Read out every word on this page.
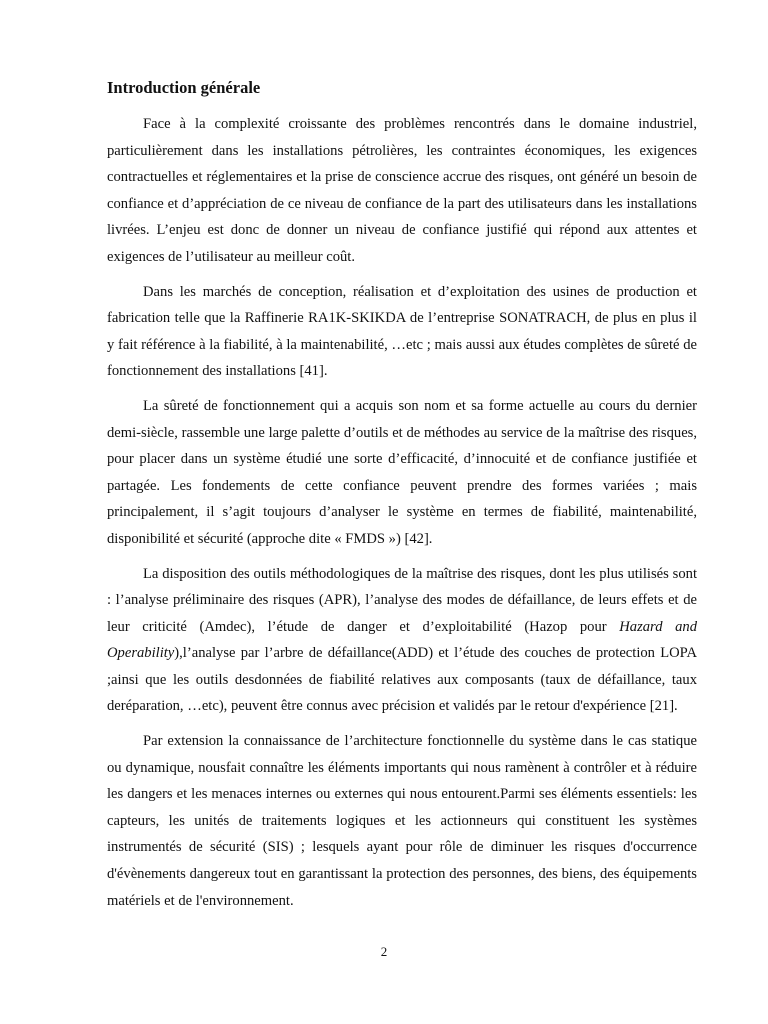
Introduction générale

Face à la complexité croissante des problèmes rencontrés dans le domaine industriel, particulièrement dans les installations pétrolières, les contraintes économiques, les exigences contractuelles et réglementaires et la prise de conscience accrue des risques, ont généré un besoin de confiance et d’appréciation de ce niveau de confiance de la part des utilisateurs dans les installations livrées. L’enjeu est donc de donner un niveau de confiance justifié qui répond aux attentes et exigences de l’utilisateur au meilleur coût.

Dans les marchés de conception, réalisation et d’exploitation des usines de production et fabrication telle que la Raffinerie RA1K-SKIKDA de l’entreprise SONATRACH, de plus en plus il y fait référence à la fiabilité, à la maintenabilité, …etc ; mais aussi aux études complètes de sûreté de fonctionnement des installations [41].

La sûreté de fonctionnement qui a acquis son nom et sa forme actuelle au cours du dernier demi-siècle, rassemble une large palette d’outils et de méthodes au service de la maîtrise des risques, pour placer dans un système étudié une sorte d’efficacité, d’innocuité et de confiance justifiée et partagée. Les fondements de cette confiance peuvent prendre des formes variées ; mais principalement, il s’agit toujours d’analyser le système en termes de fiabilité, maintenabilité, disponibilité et sécurité (approche dite « FMDS ») [42].

La disposition des outils méthodologiques de la maîtrise des risques, dont les plus utilisés sont : l’analyse préliminaire des risques (APR), l’analyse des modes de défaillance, de leurs effets et de leur criticité (Amdec), l’étude de danger et d’exploitabilité (Hazop pour Hazard and Operability),l’analyse par l’arbre de défaillance(ADD) et l’étude des couches de protection LOPA ;ainsi que les outils desdonnées de fiabilité relatives aux composants (taux de défaillance, taux deréparation, …etc), peuvent être connus avec précision et validés par le retour d'expérience [21].

Par extension la connaissance de l’architecture fonctionnelle du système dans le cas statique ou dynamique, nousfait connaître les éléments importants qui nous ramènent à contrôler et à réduire les dangers et les menaces internes ou externes qui nous entourent.Parmi ses éléments essentiels: les capteurs, les unités de traitements logiques et les actionneurs qui constituent les systèmes instrumentés de sécurité (SIS) ; lesquels ayant pour rôle de diminuer les risques d'occurrence d'évènements dangereux tout en garantissant la protection des personnes, des biens, des équipements matériels et de l'environnement.

2
